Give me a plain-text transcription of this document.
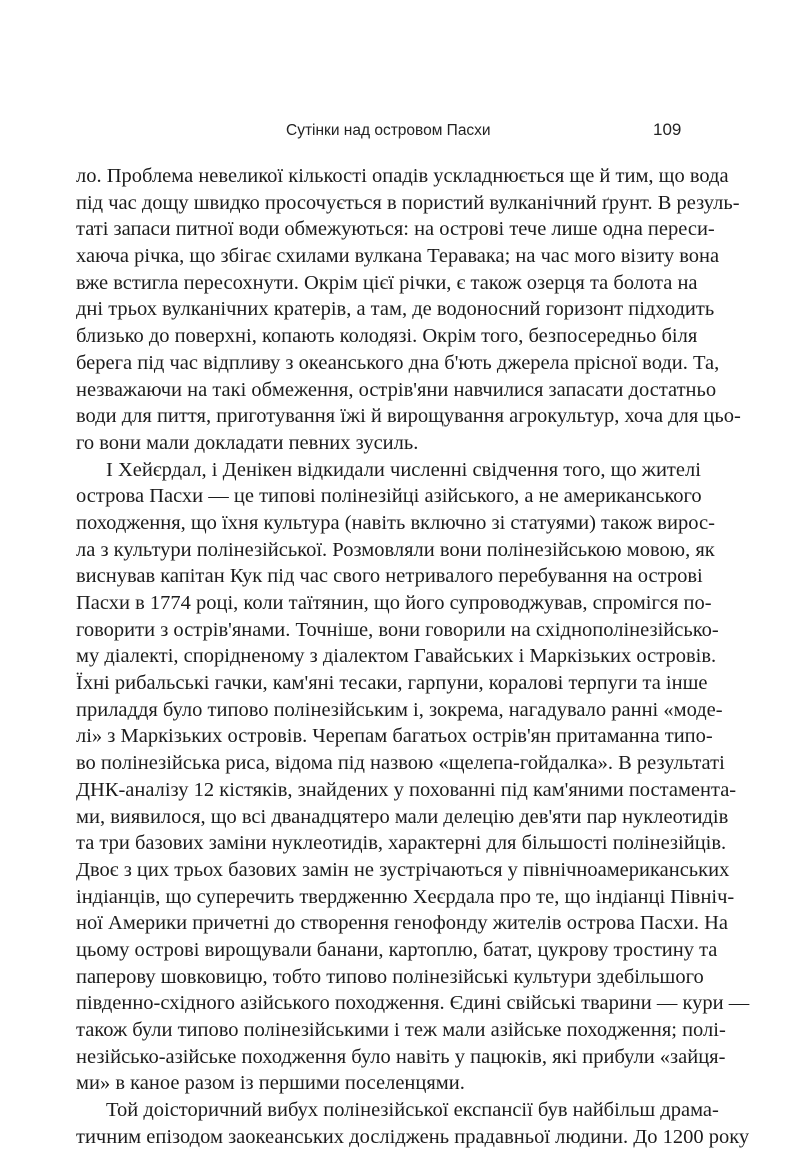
Сутінки над островом Пасхи	109
ло. Проблема невеликої кількості опадів ускладнюється ще й тим, що вода
під час дощу швидко просочується в пористий вулканічний ґрунт. В резуль-
таті запаси питної води обмежуються: на острові тече лише одна переси-
хаюча річка, що збігає схилами вулкана Теравака; на час мого візиту вона
вже встигла пересохнути. Окрім цієї річки, є також озерця та болота на
дні трьох вулканічних кратерів, а там, де водоносний горизонт підходить
близько до поверхні, копають колодязі. Окрім того, безпосередньо біля
берега під час відпливу з океанського дна б'ють джерела прісної води. Та,
незважаючи на такі обмеження, острів'яни навчилися запасати достатньо
води для пиття, приготування їжі й вирощування агрокультур, хоча для цьо-
го вони мали докладати певних зусиль.
І Хейєрдал, і Денікен відкидали численні свідчення того, що жителі
острова Пасхи — це типові полінезійці азійського, а не американського
походження, що їхня культура (навіть включно зі статуями) також вирос-
ла з культури полінезійської. Розмовляли вони полінезійською мовою, як
виснував капітан Кук під час свого нетривалого перебування на острові
Пасхи в 1774 році, коли таїтянин, що його супроводжував, спромігся по-
говорити з острів'янами. Точніше, вони говорили на східнополінезійсько-
му діалекті, спорідненому з діалектом Гавайських і Маркізьких островів.
Їхні рибальські гачки, кам'яні тесаки, гарпуни, коралові терпуги та інше
приладдя було типово полінезійським і, зокрема, нагадувало ранні «моде-
лі» з Маркізьких островів. Черепам багатьох острів'ян притаманна типо-
во полінезійська риса, відома під назвою «щелепа-гойдалка». В результаті
ДНК-аналізу 12 кістяків, знайдених у похованні під кам'яними постамента-
ми, виявилося, що всі дванадцятеро мали делецію дев'яти пар нуклеотидів
та три базових заміни нуклеотидів, характерні для більшості полінезійців.
Двоє з цих трьох базових замін не зустрічаються у північноамериканських
індіанців, що суперечить твердженню Хеєрдала про те, що індіанці Північ-
ної Америки причетні до створення генофонду жителів острова Пасхи. На
цьому острові вирощували банани, картоплю, батат, цукрову тростину та
паперову шовковицю, тобто типово полінезійські культури здебільшого
південно-східного азійського походження. Єдині свійські тварини — кури —
також були типово полінезійськими і теж мали азійське походження; полі-
незійсько-азійське походження було навіть у пацюків, які прибули «зайця-
ми» в каное разом із першими поселенцями.
Той доісторичний вибух полінезійської експансії був найбільш драма-
тичним епізодом заокеанських досліджень прадавньої людини. До 1200 року
